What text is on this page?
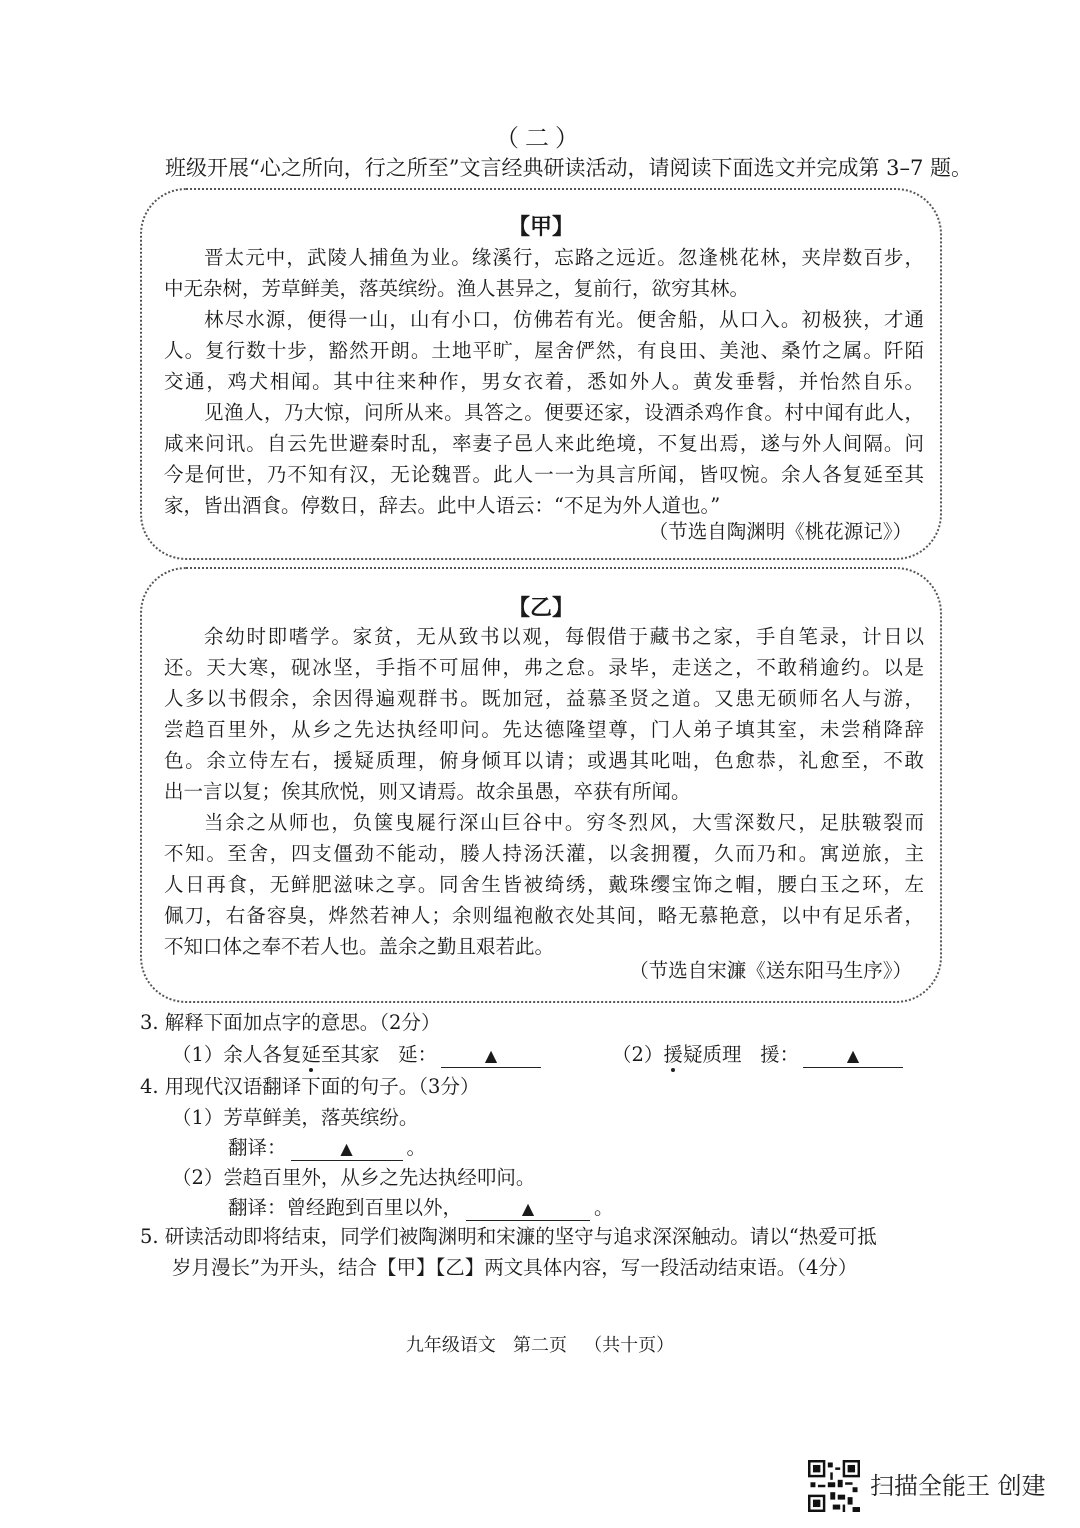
（二）
班级开展“心之所向，行之所至”文言经典研读活动，请阅读下面选文并完成第 3–7 题。
【甲】
晋太元中，武陵人捕鱼为业。缘溪行，忘路之远近。忽逢桃花林，夹岸数百步，
中无杂树，芳草鲜美，落英缤纷。渔人甚异之，复前行，欲穷其林。
林尽水源，便得一山，山有小口，仿佛若有光。便舍船，从口入。初极狭，才通
人。复行数十步，豁然开朗。土地平旷，屋舍俨然，有良田、美池、桑竹之属。阡陌
交通，鸡犬相闻。其中往来种作，男女衣着，悉如外人。黄发垂髫，并怡然自乐。
见渔人，乃大惊，问所从来。具答之。便要还家，设酒杀鸡作食。村中闻有此人，
咸来问讯。自云先世避秦时乱，率妻子邑人来此绝境，不复出焉，遂与外人间隔。问
今是何世，乃不知有汉，无论魏晋。此人一一为具言所闻，皆叹惋。余人各复延至其
家，皆出酒食。停数日，辞去。此中人语云：“不足为外人道也。”
（节选自陶渊明《桃花源记》）
【乙】
余幼时即嗜学。家贫，无从致书以观，每假借于藏书之家，手自笔录，计日以
还。天大寒，砚冰坚，手指不可屈伸，弗之怠。录毕，走送之，不敢稍逾约。以是
人多以书假余，余因得遍观群书。既加冠，益慕圣贤之道。又患无硕师名人与游，
尝趋百里外，从乡之先达执经叩问。先达德隆望尊，门人弟子填其室，未尝稍降辞
色。余立侍左右，援疑质理，俯身倾耳以请；或遇其叱咄，色愈恭，礼愈至，不敢
出一言以复；俟其欣悦，则又请焉。故余虽愚，卒获有所闻。
当余之从师也，负箧曳屣行深山巨谷中。穷冬烈风，大雪深数尺，足肤皲裂而
不知。至舍，四支僵劲不能动，媵人持汤沃灌，以衾拥覆，久而乃和。寓逆旅，主
人日再食，无鲜肥滋味之享。同舍生皆被绮绣，戴珠缨宝饰之帽，腰白玉之环，左
佩刀，右备容臭，烨然若神人；余则缊袍敝衣处其间，略无慕艳意，以中有足乐者，
不知口体之奉不若人也。盖余之勤且艰若此。
（节选自宋濂《送东阳马生序》）
3. 解释下面加点字的意思。（2分）
（1）余人各复延至其家 延：	▲	（2）援疑质理 援：	▲
4. 用现代汉语翻译下面的句子。（3分）
（1）芳草鲜美，落英缤纷。
翻译：	▲	。
（2）尝趋百里外，从乡之先达执经叩问。
翻译：曾经跑到百里以外，	▲	。
5. 研读活动即将结束，同学们被陶渊明和宋濂的坚守与追求深深触动。请以“热爱可抵
岁月漫长”为开头，结合【甲】【乙】两文具体内容，写一段活动结束语。（4分）
九年级语文 第二页 （共十页）
扫描全能王 创建
